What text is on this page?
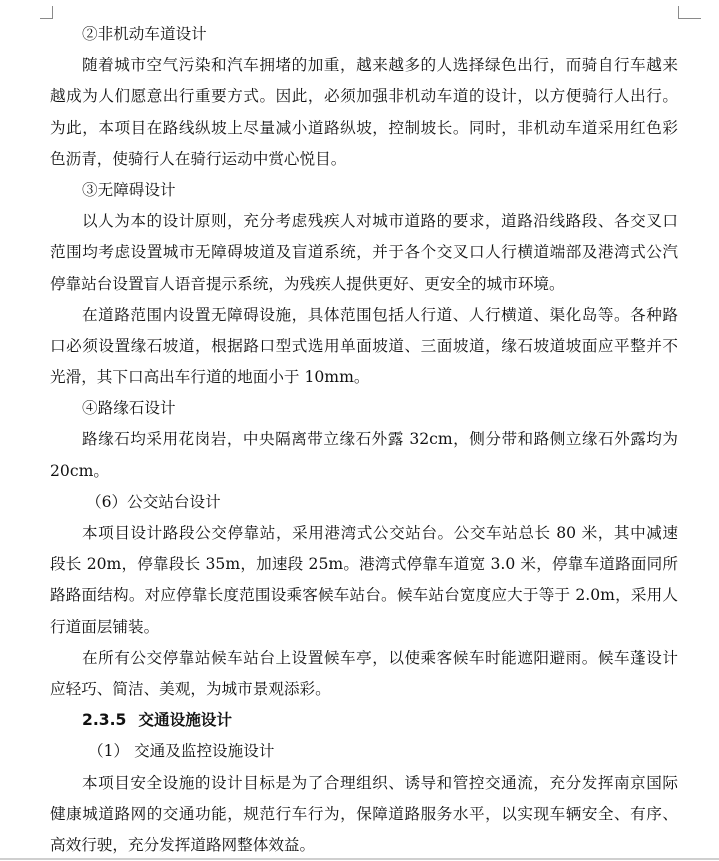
②非机动车道设计
随着城市空气污染和汽车拥堵的加重，越来越多的人选择绿色出行，而骑自行车越来
越成为人们愿意出行重要方式。因此，必须加强非机动车道的设计，以方便骑行人出行。
为此，本项目在路线纵坡上尽量减小道路纵坡，控制坡长。同时，非机动车道采用红色彩
色沥青，使骑行人在骑行运动中赏心悦目。
③无障碍设计
以人为本的设计原则，充分考虑残疾人对城市道路的要求，道路沿线路段、各交叉口
范围均考虑设置城市无障碍坡道及盲道系统，并于各个交叉口人行横道端部及港湾式公汽
停靠站台设置盲人语音提示系统，为残疾人提供更好、更安全的城市环境。
在道路范围内设置无障碍设施，具体范围包括人行道、人行横道、渠化岛等。各种路
口必须设置缘石坡道，根据路口型式选用单面坡道、三面坡道，缘石坡道坡面应平整并不
光滑，其下口高出车行道的地面小于 10mm。
④路缘石设计
路缘石均采用花岗岩，中央隔离带立缘石外露 32cm，侧分带和路侧立缘石外露均为
20cm。
（6）公交站台设计
本项目设计路段公交停靠站，采用港湾式公交站台。公交车站总长 80 米，其中减速
段长 20m，停靠段长 35m，加速段 25m。港湾式停靠车道宽 3.0 米，停靠车道路面同所
路路面结构。对应停靠长度范围设乘客候车站台。候车站台宽度应大于等于 2.0m，采用人
行道面层铺装。
在所有公交停靠站候车站台上设置候车亭，以使乘客候车时能遮阳避雨。候车蓬设计
应轻巧、简洁、美观，为城市景观添彩。
2.3.5 交通设施设计
（1） 交通及监控设施设计
本项目安全设施的设计目标是为了合理组织、诱导和管控交通流，充分发挥南京国际
健康城道路网的交通功能，规范行车行为，保障道路服务水平，以实现车辆安全、有序、
高效行驶，充分发挥道路网整体效益。
